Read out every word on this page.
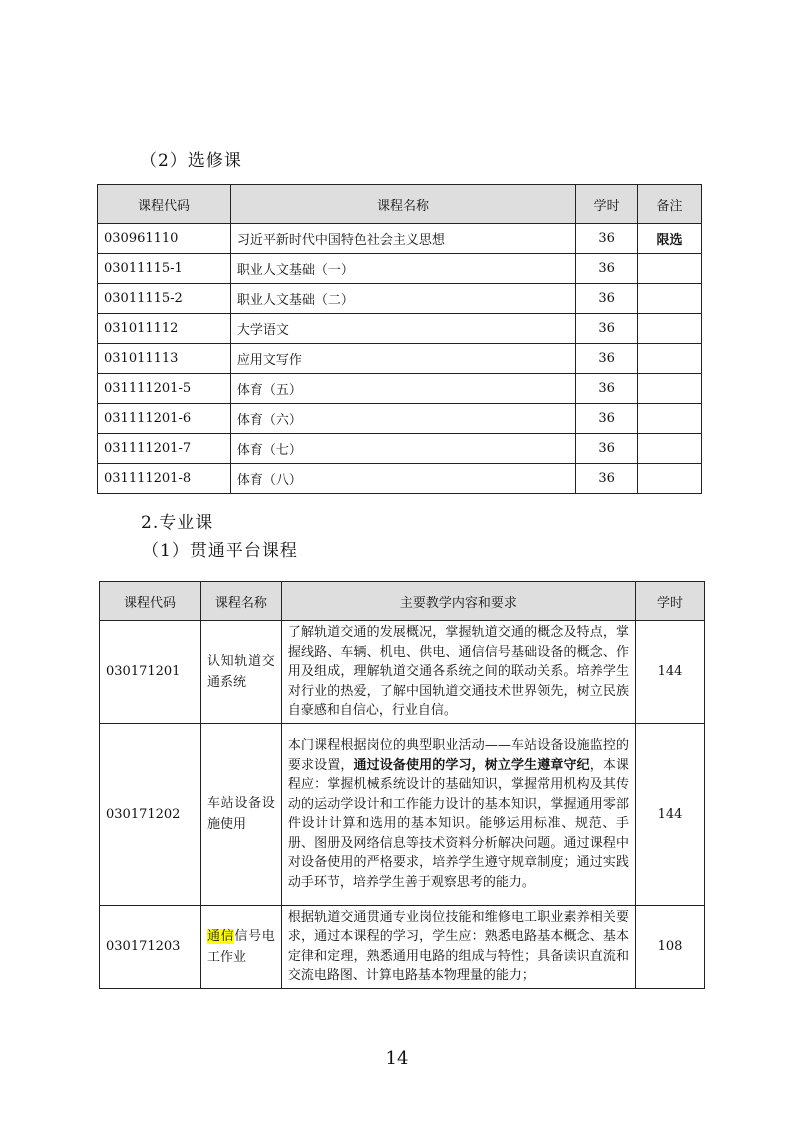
（2）选修课
课程代码	课程名称	学时	备注
030961110	习近平新时代中国特色社会主义思想	36	限选
03011115-1	职业人文基础（一）	36	
03011115-2	职业人文基础（二）	36	
031011112	大学语文	36	
031011113	应用文写作	36	
031111201-5	体育（五）	36	
031111201-6	体育（六）	36	
031111201-7	体育（七）	36	
031111201-8	体育（八）	36	
2.专业课
（1）贯通平台课程
课程代码	课程名称	主要教学内容和要求	学时
030171201	认知轨道交通系统	了解轨道交通的发展概况，掌握轨道交通的概念及特点，掌握线路、车辆、机电、供电、通信信号基础设备的概念、作用及组成，理解轨道交通各系统之间的联动关系。培养学生对行业的热爱，了解中国轨道交通技术世界领先，树立民族自豪感和自信心，行业自信。	144
030171202	车站设备设施使用	本门课程根据岗位的典型职业活动——车站设备设施监控的要求设置，通过设备使用的学习，树立学生遵章守纪，本课程应：掌握机械系统设计的基础知识，掌握常用机构及其传动的运动学设计和工作能力设计的基本知识，掌握通用零部件设计计算和选用的基本知识。能够运用标准、规范、手册、图册及网络信息等技术资料分析解决问题。通过课程中对设备使用的严格要求，培养学生遵守规章制度；通过实践动手环节，培养学生善于观察思考的能力。	144
030171203	通信信号电工作业	根据轨道交通贯通专业岗位技能和维修电工职业素养相关要求，通过本课程的学习，学生应：熟悉电路基本概念、基本定律和定理，熟悉通用电路的组成与特性；具备读识直流和交流电路图、计算电路基本物理量的能力；	108
14
